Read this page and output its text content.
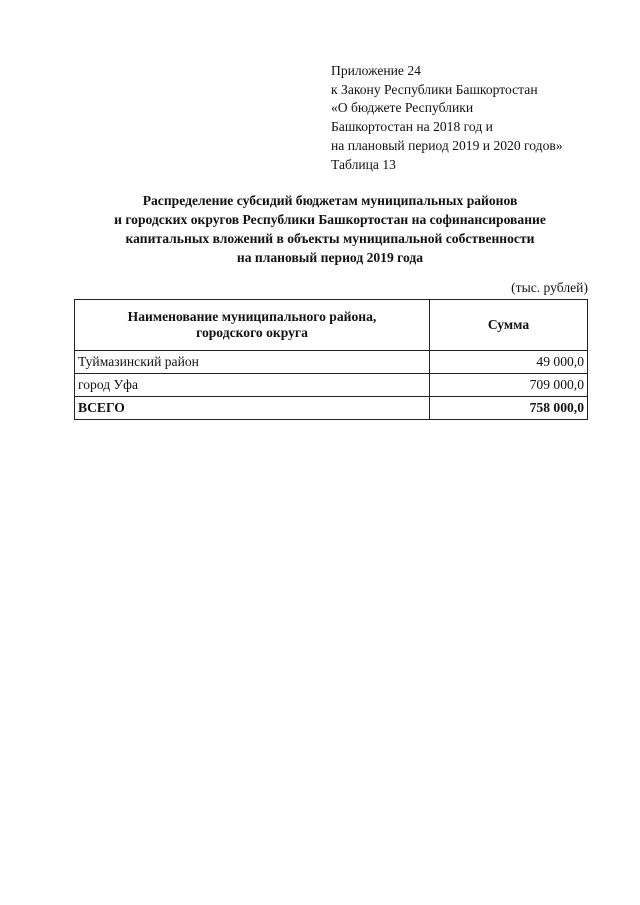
Приложение 24
к Закону Республики Башкортостан
«О бюджете Республики
Башкортостан на 2018 год и
на плановый период 2019 и 2020 годов»
Таблица 13
Распределение субсидий бюджетам муниципальных районов
и городских округов Республики Башкортостан на софинансирование
капитальных вложений в объекты муниципальной собственности
на плановый период 2019 года
(тыс. рублей)
Наименование муниципального района,
городского округа	Сумма
Туймазинский район	49 000,0
город Уфа	709 000,0
ВСЕГО	758 000,0
